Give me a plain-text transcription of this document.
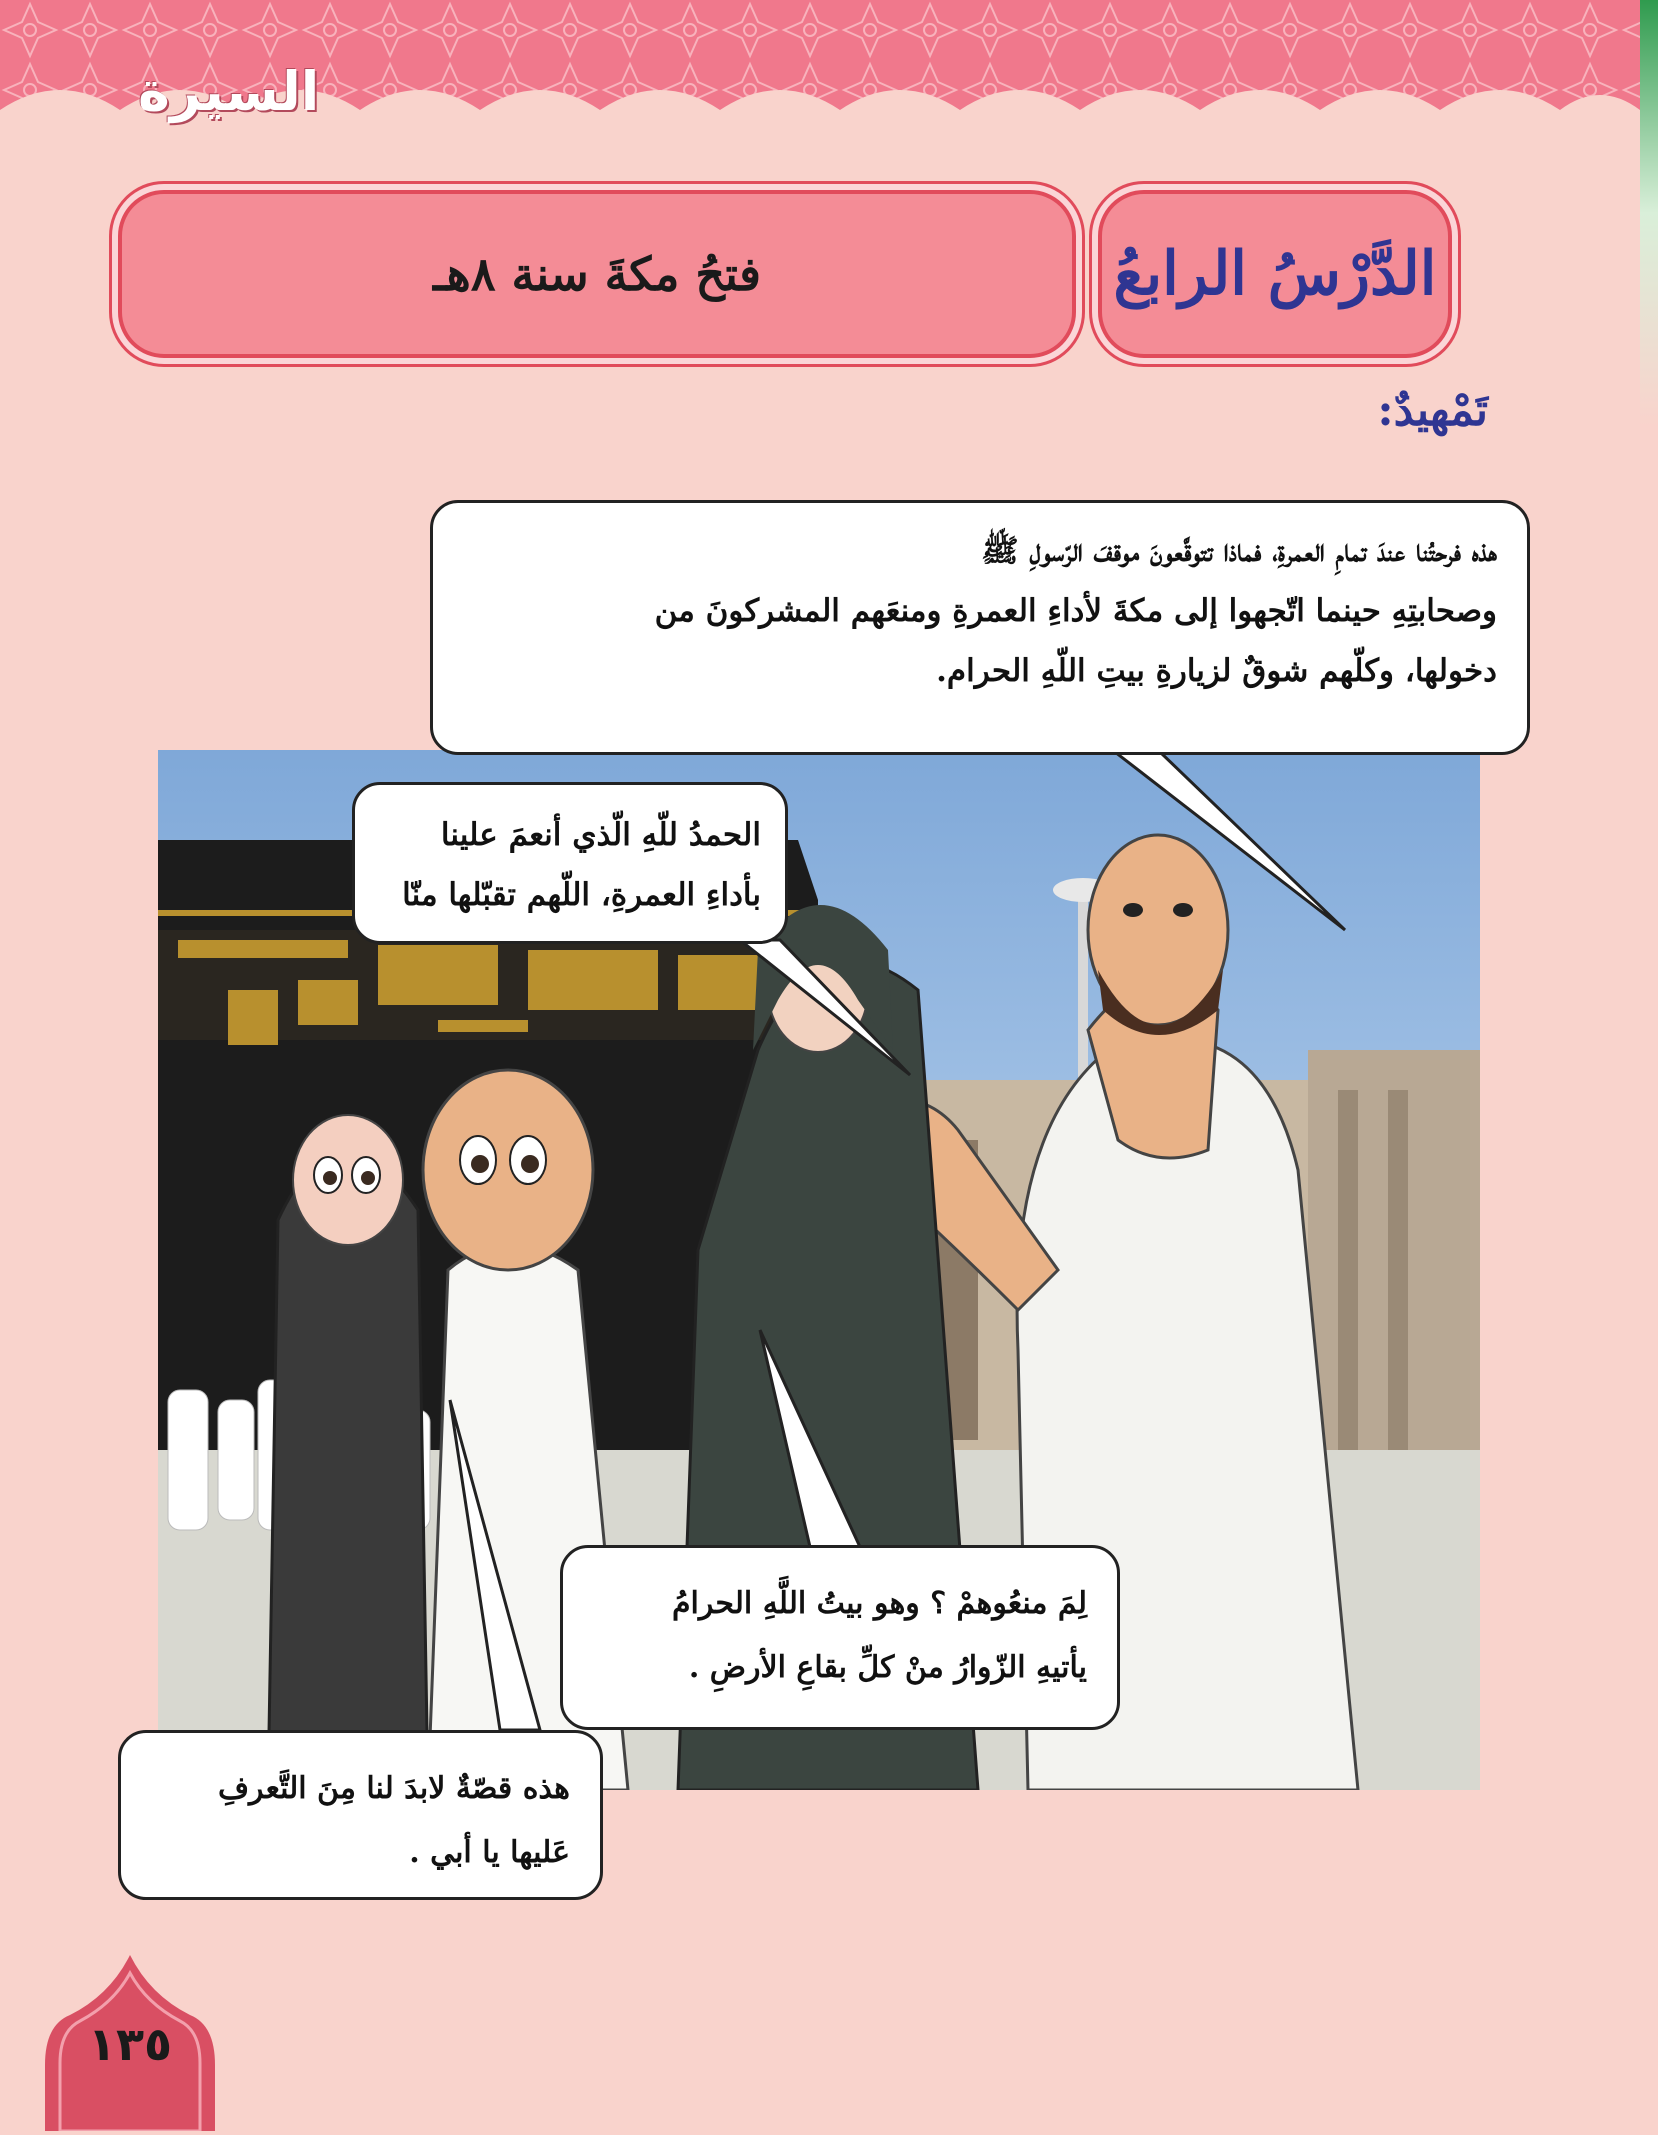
السيرة
الدَّرْسُ الرابعُ
فتحُ مكةَ سنة ٨هـ
تَمْهيدٌ:

هذه فرحتُنا عندَ تمامِ العمرةِ، فماذا تتوقَّعونَ موقفَ الرّسولِ ﷺ

وصحابتِهِ حينما اتّجهوا إلى مكةَ لأداءِ العمرةِ ومنعَهم المشركونَ من

دخولها، وكلّهم شوقٌ لزيارةِ بيتِ اللّهِ الحرام.

الحمدُ للّهِ الّذي أنعمَ علينا

بأداءِ العمرةِ، اللّهم تقبّلها منّا

لِمَ منعُوهمْ ؟ وهو بيتُ اللَّهِ الحرامُ

يأتيهِ الزّوارُ منْ كلِّ بقاعِ الأرضِ .

هذه قصّةٌ لابدَ لنا مِنَ التَّعرفِ

عَليها يا أبي .

١٣٥
